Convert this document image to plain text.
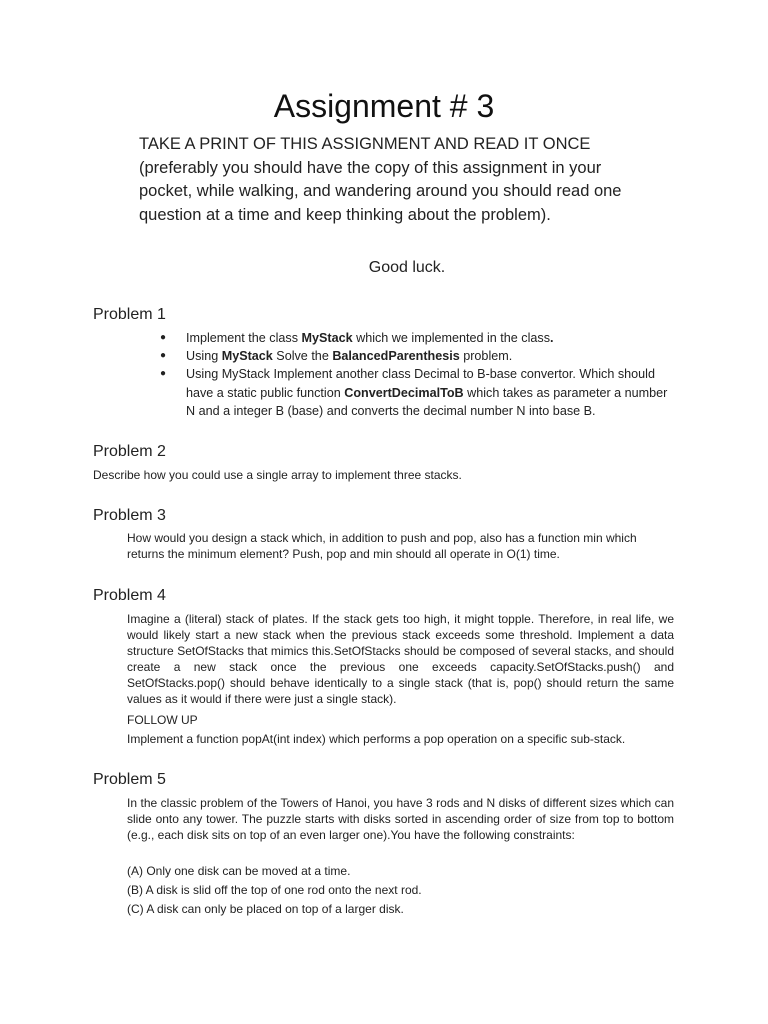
Assignment # 3
TAKE A PRINT OF THIS ASSIGNMENT AND READ IT ONCE (preferably you should have the copy of this assignment in your pocket, while walking, and wandering around you should read one question at a time and keep thinking about the problem).
Good luck.
Problem 1
● Implement the class MyStack which we implemented in the class.
● Using MyStack Solve the BalancedParenthesis problem.
● Using MyStack Implement another class Decimal to B-base convertor. Which should have a static public function ConvertDecimalToB which takes as parameter a number N and a integer B (base) and converts the decimal number N into base B.
Problem 2
Describe how you could use a single array to implement three stacks.
Problem 3
How would you design a stack which, in addition to push and pop, also has a function min which returns the minimum element? Push, pop and min should all operate in O(1) time.
Problem 4
Imagine a (literal) stack of plates. If the stack gets too high, it might topple. Therefore, in real life, we would likely start a new stack when the previous stack exceeds some threshold. Implement a data structure SetOfStacks that mimics this.SetOfStacks should be composed of several stacks, and should create a new stack once the previous one exceeds capacity.SetOfStacks.push() and SetOfStacks.pop() should behave identically to a single stack (that is, pop() should return the same values as it would if there were just a single stack).
FOLLOW UP
Implement a function popAt(int index) which performs a pop operation on a specific sub-stack.
Problem 5
In the classic problem of the Towers of Hanoi, you have 3 rods and N disks of different sizes which can slide onto any tower. The puzzle starts with disks sorted in ascending order of size from top to bottom (e.g., each disk sits on top of an even larger one).You have the following constraints:
(A) Only one disk can be moved at a time.
(B) A disk is slid off the top of one rod onto the next rod.
(C) A disk can only be placed on top of a larger disk.
